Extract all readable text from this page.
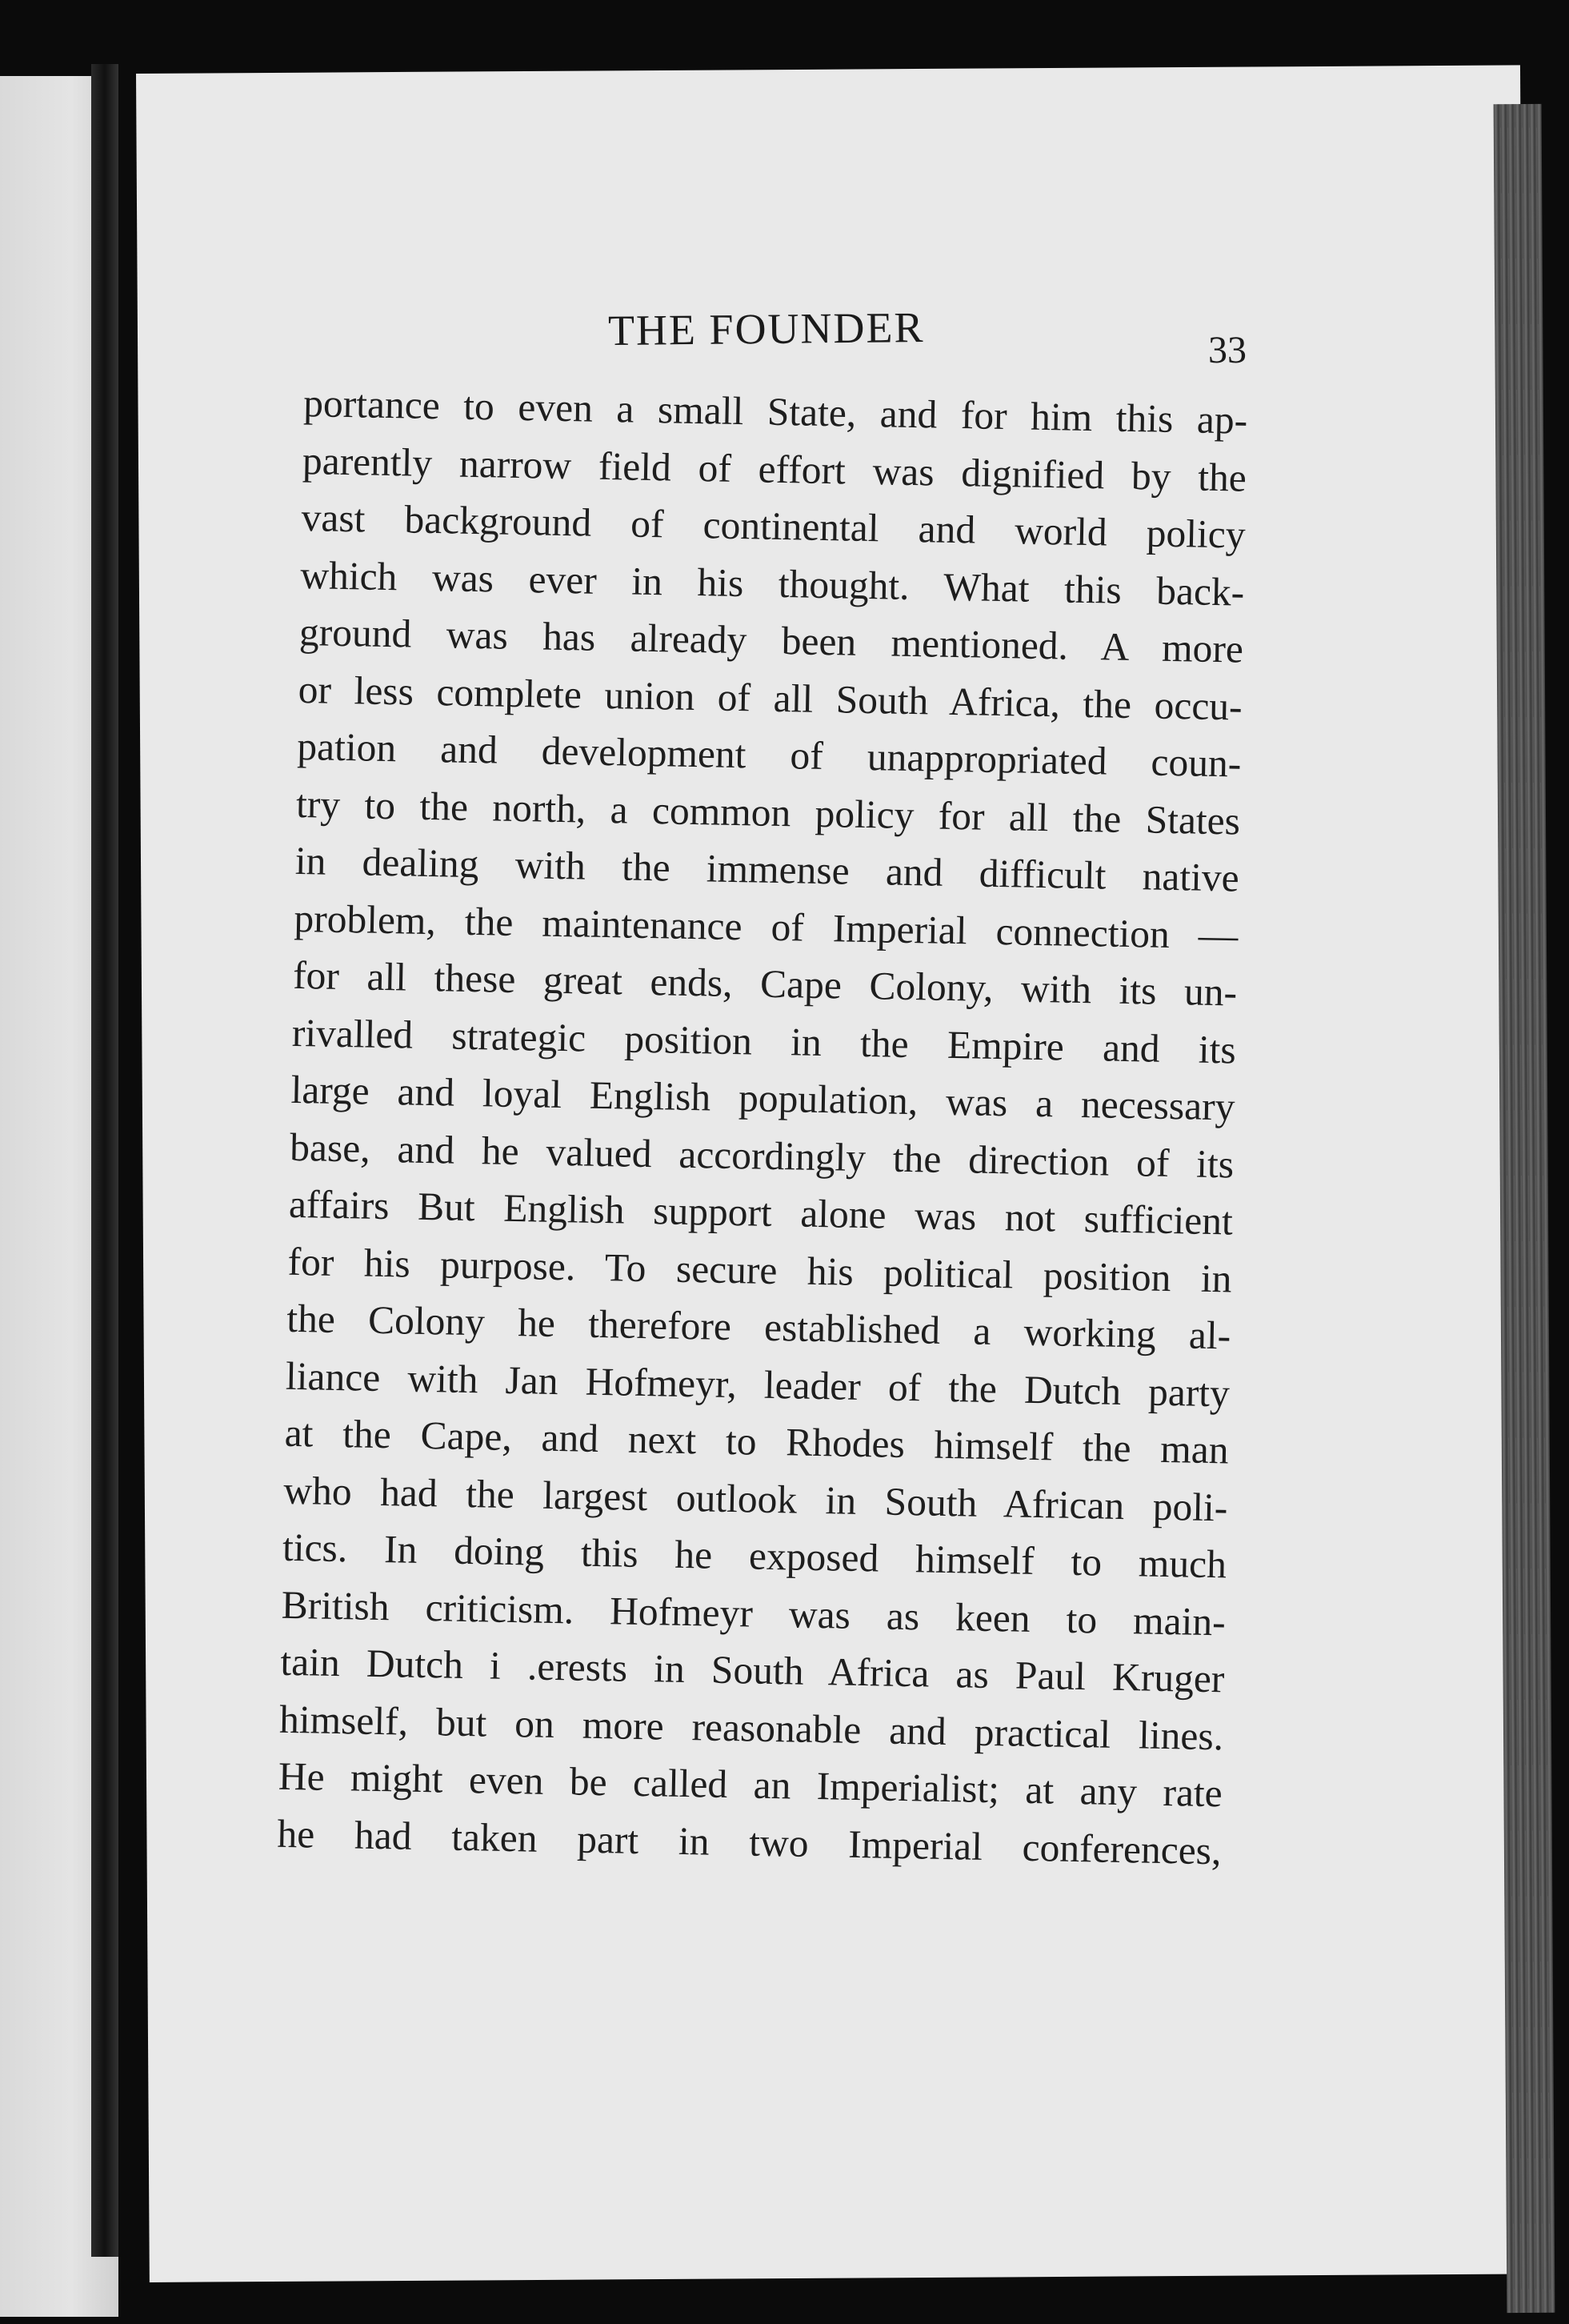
THE FOUNDER	33
portance to even a small State, and for him this ap-
parently narrow field of effort was dignified by the
vast background of continental and world policy
which was ever in his thought. What this back-
ground was has already been mentioned. A more
or less complete union of all South Africa, the occu-
pation and development of unappropriated coun-
try to the north, a common policy for all the States
in dealing with the immense and difficult native
problem, the maintenance of Imperial connection —
for all these great ends, Cape Colony, with its un-
rivalled strategic position in the Empire and its
large and loyal English population, was a necessary
base, and he valued accordingly the direction of its
affairs But English support alone was not sufficient
for his purpose. To secure his political position in
the Colony he therefore established a working al-
liance with Jan Hofmeyr, leader of the Dutch party
at the Cape, and next to Rhodes himself the man
who had the largest outlook in South African poli-
tics. In doing this he exposed himself to much
British criticism. Hofmeyr was as keen to main-
tain Dutch i .erests in South Africa as Paul Kruger
himself, but on more reasonable and practical lines.
He might even be called an Imperialist; at any rate
he had taken part in two Imperial conferences,
